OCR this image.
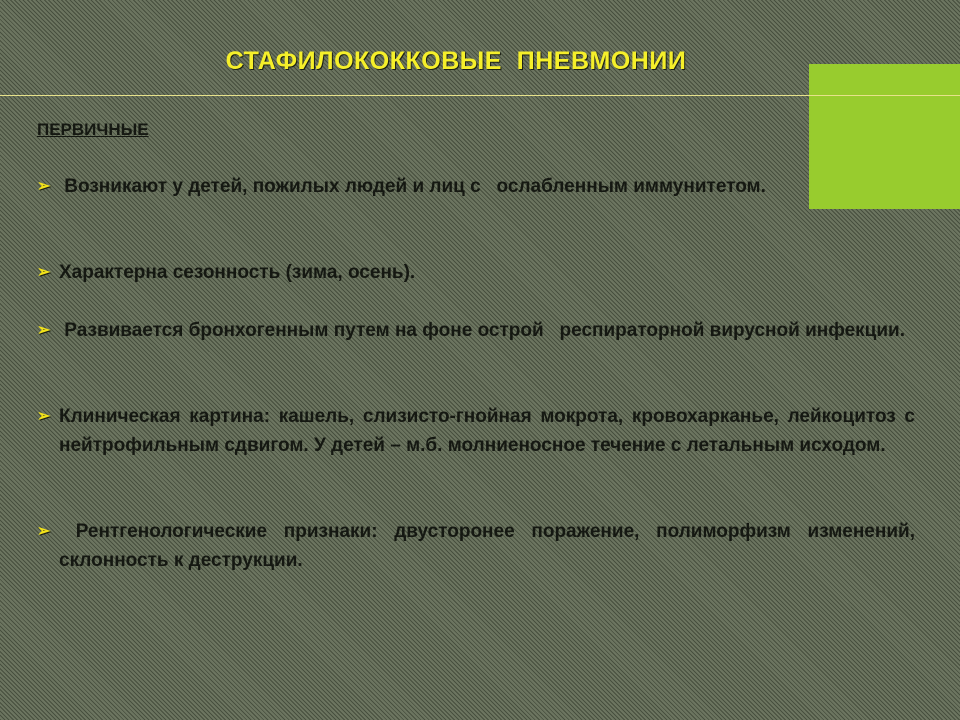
СТАФИЛОКОККОВЫЕ  ПНЕВМОНИИ
ПЕРВИЧНЫЕ
➢ Возникают у детей, пожилых людей и лиц с   ослабленным иммунитетом.
➢ Характерна сезонность (зима, осень).
➢ Развивается бронхогенным путем на фоне острой   респираторной вирусной инфекции.
➢ Клиническая картина: кашель, слизисто-гнойная мокрота, кровохарканье, лейкоцитоз с нейтрофильным сдвигом. У детей – м.б. молниеносное течение с летальным исходом.
➢ Рентгенологические признаки: двусторонее поражение, полиморфизм изменений, склонность к деструкции.
